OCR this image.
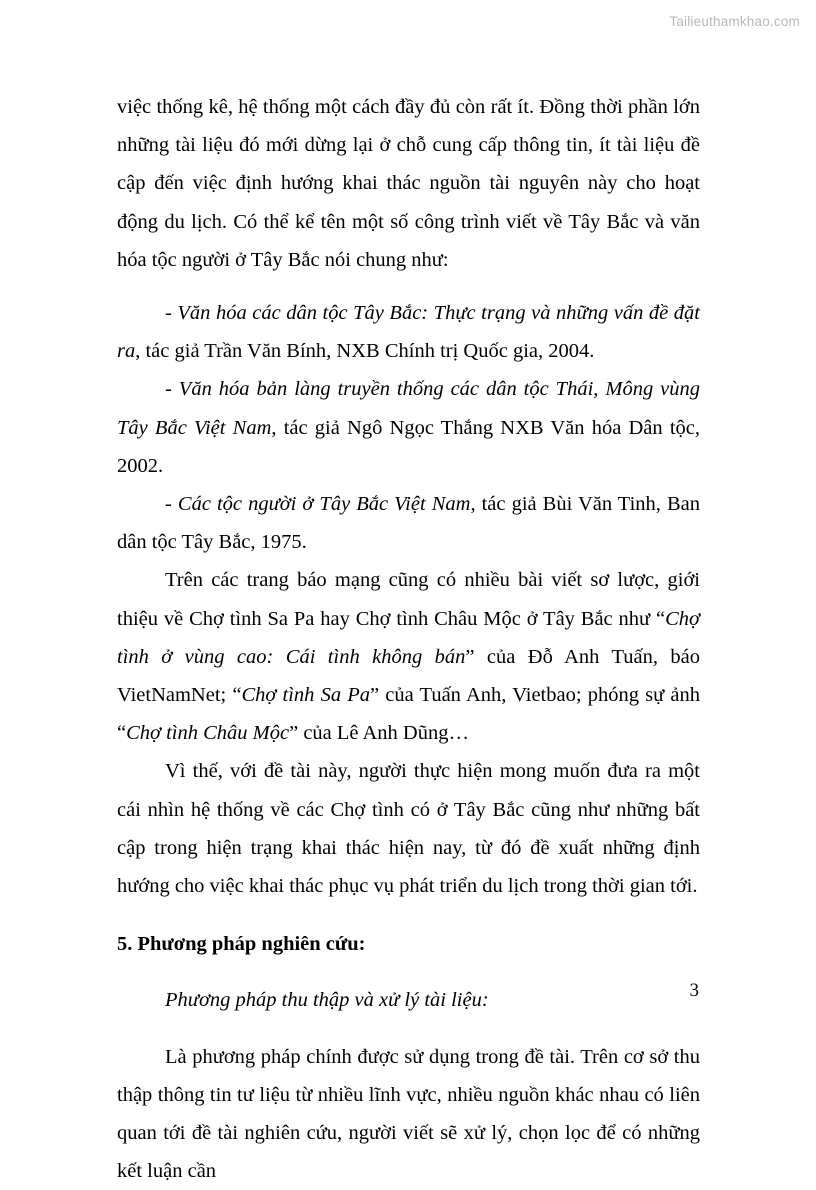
Tailieuthamkhao.com

việc thống kê, hệ thống một cách đầy đủ còn rất ít. Đồng thời phần lớn những tài liệu đó mới dừng lại ở chỗ cung cấp thông tin, ít tài liệu đề cập đến việc định hướng khai thác nguồn tài nguyên này cho hoạt động du lịch. Có thể kể tên một số công trình viết về Tây Bắc và văn hóa tộc người ở Tây Bắc nói chung như:

- Văn hóa các dân tộc Tây Bắc: Thực trạng và những vấn đề đặt ra, tác giả Trần Văn Bính, NXB Chính trị Quốc gia, 2004.

- Văn hóa bản làng truyền thống các dân tộc Thái, Mông vùng Tây Bắc Việt Nam, tác giả Ngô Ngọc Thắng NXB Văn hóa Dân tộc, 2002.

- Các tộc người ở Tây Bắc Việt Nam, tác giả Bùi Văn Tinh, Ban dân tộc Tây Bắc, 1975.

Trên các trang báo mạng cũng có nhiều bài viết sơ lược, giới thiệu về Chợ tình Sa Pa hay Chợ tình Châu Mộc ở Tây Bắc như “Chợ tình ở vùng cao: Cái tình không bán” của Đỗ Anh Tuấn, báo VietNamNet; “Chợ tình Sa Pa” của Tuấn Anh, Vietbao; phóng sự ảnh “Chợ tình Châu Mộc” của Lê Anh Dũng…

Vì thế, với đề tài này, người thực hiện mong muốn đưa ra một cái nhìn hệ thống về các Chợ tình có ở Tây Bắc cũng như những bất cập trong hiện trạng khai thác hiện nay, từ đó đề xuất những định hướng cho việc khai thác phục vụ phát triển du lịch trong thời gian tới.

5. Phương pháp nghiên cứu:

Phương pháp thu thập và xử lý tài liệu:

Là phương pháp chính được sử dụng trong đề tài. Trên cơ sở thu thập thông tin tư liệu từ nhiều lĩnh vực, nhiều nguồn khác nhau có liên quan tới đề tài nghiên cứu, người viết sẽ xử lý, chọn lọc để có những kết luận cần

3
